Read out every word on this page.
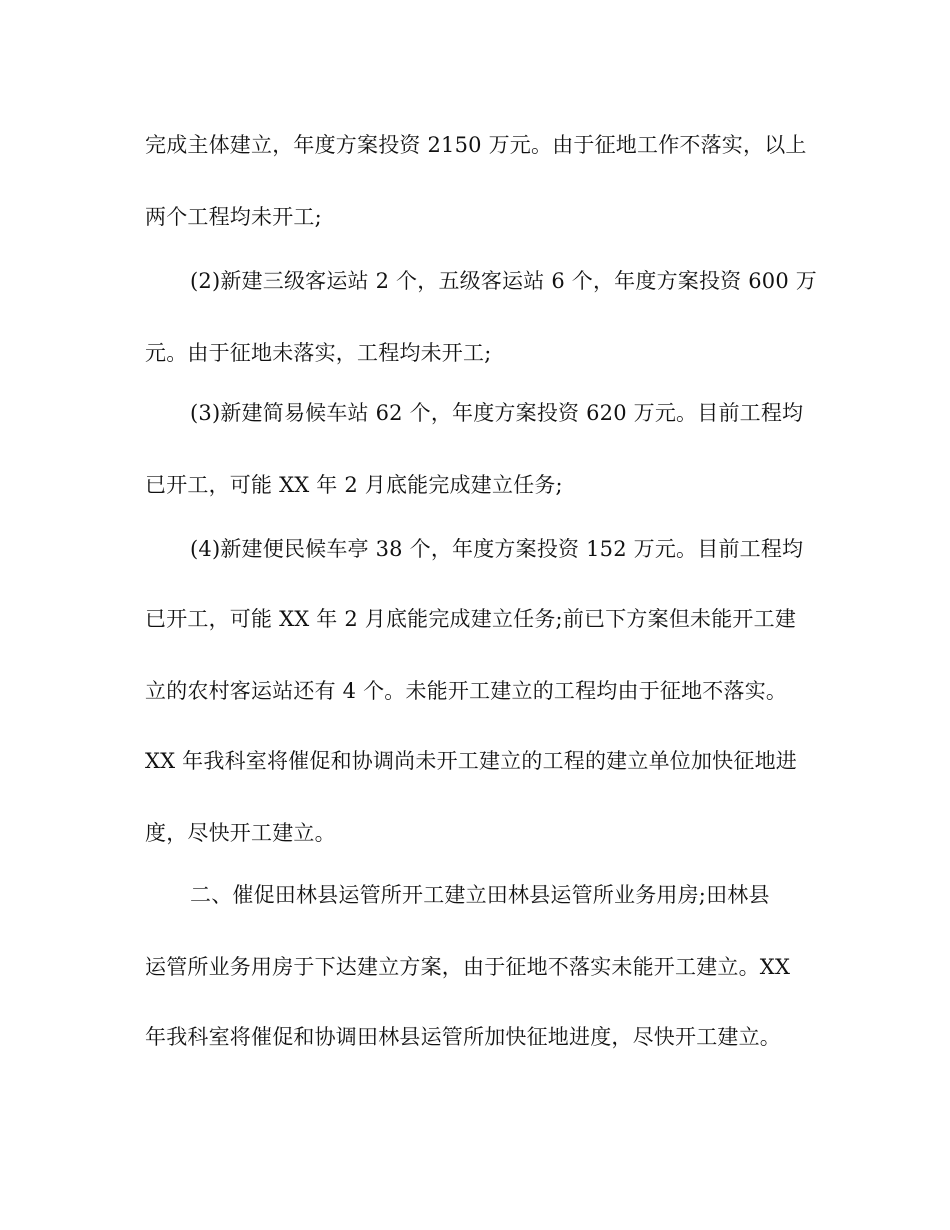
完成主体建立，年度方案投资 2150 万元。由于征地工作不落实，以上
两个工程均未开工;
(2)新建三级客运站 2 个，五级客运站 6 个，年度方案投资 600 万
元。由于征地未落实，工程均未开工;
(3)新建简易候车站 62 个，年度方案投资 620 万元。目前工程均
已开工，可能 XX 年 2 月底能完成建立任务;
(4)新建便民候车亭 38 个，年度方案投资 152 万元。目前工程均
已开工，可能 XX 年 2 月底能完成建立任务;前已下方案但未能开工建
立的农村客运站还有 4 个。未能开工建立的工程均由于征地不落实。
XX 年我科室将催促和协调尚未开工建立的工程的建立单位加快征地进
度，尽快开工建立。
二、催促田林县运管所开工建立田林县运管所业务用房;田林县
运管所业务用房于下达建立方案，由于征地不落实未能开工建立。XX
年我科室将催促和协调田林县运管所加快征地进度，尽快开工建立。
